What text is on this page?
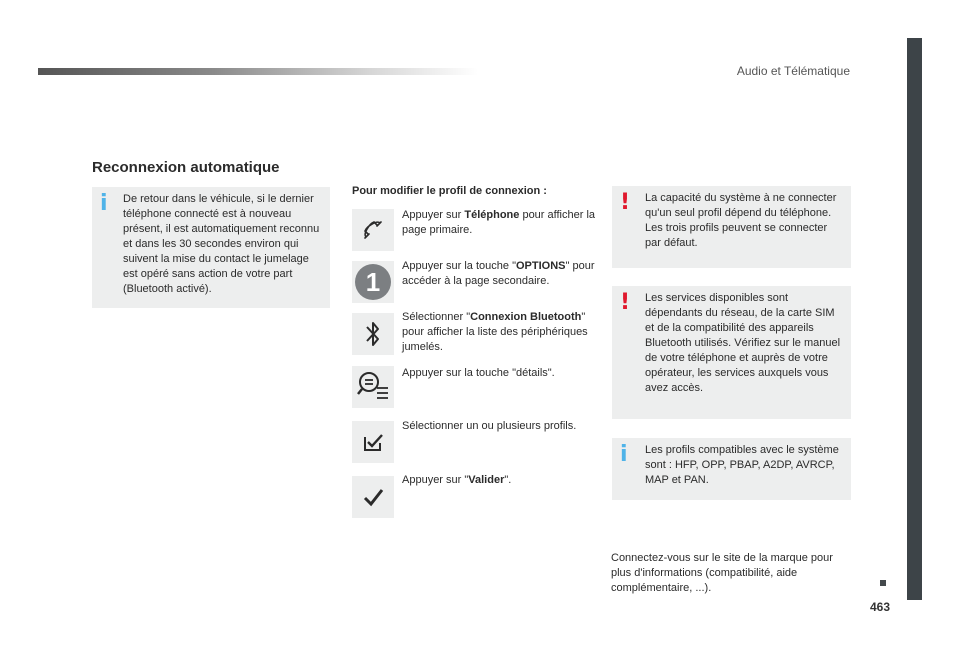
Audio et Télématique
463
Reconnexion automatique
i De retour dans le véhicule, si le dernier téléphone connecté est à nouveau présent, il est automatiquement reconnu et dans les 30 secondes environ qui suivent la mise du contact le jumelage est opéré sans action de votre part (Bluetooth activé).
Pour modifier le profil de connexion :
Appuyer sur Téléphone pour afficher la page primaire.
1
Appuyer sur la touche "OPTIONS" pour accéder à la page secondaire.
Sélectionner "Connexion Bluetooth" pour afficher la liste des périphériques jumelés.
Appuyer sur la touche "détails".
Sélectionner un ou plusieurs profils.
Appuyer sur "Valider".
! La capacité du système à ne connecter qu'un seul profil dépend du téléphone. Les trois profils peuvent se connecter par défaut.
! Les services disponibles sont dépendants du réseau, de la carte SIM et de la compatibilité des appareils Bluetooth utilisés. Vérifiez sur le manuel de votre téléphone et auprès de votre opérateur, les services auxquels vous avez accès.
i Les profils compatibles avec le système sont : HFP, OPP, PBAP, A2DP, AVRCP, MAP et PAN.
Connectez-vous sur le site de la marque pour plus d'informations (compatibilité, aide complémentaire, ...).
